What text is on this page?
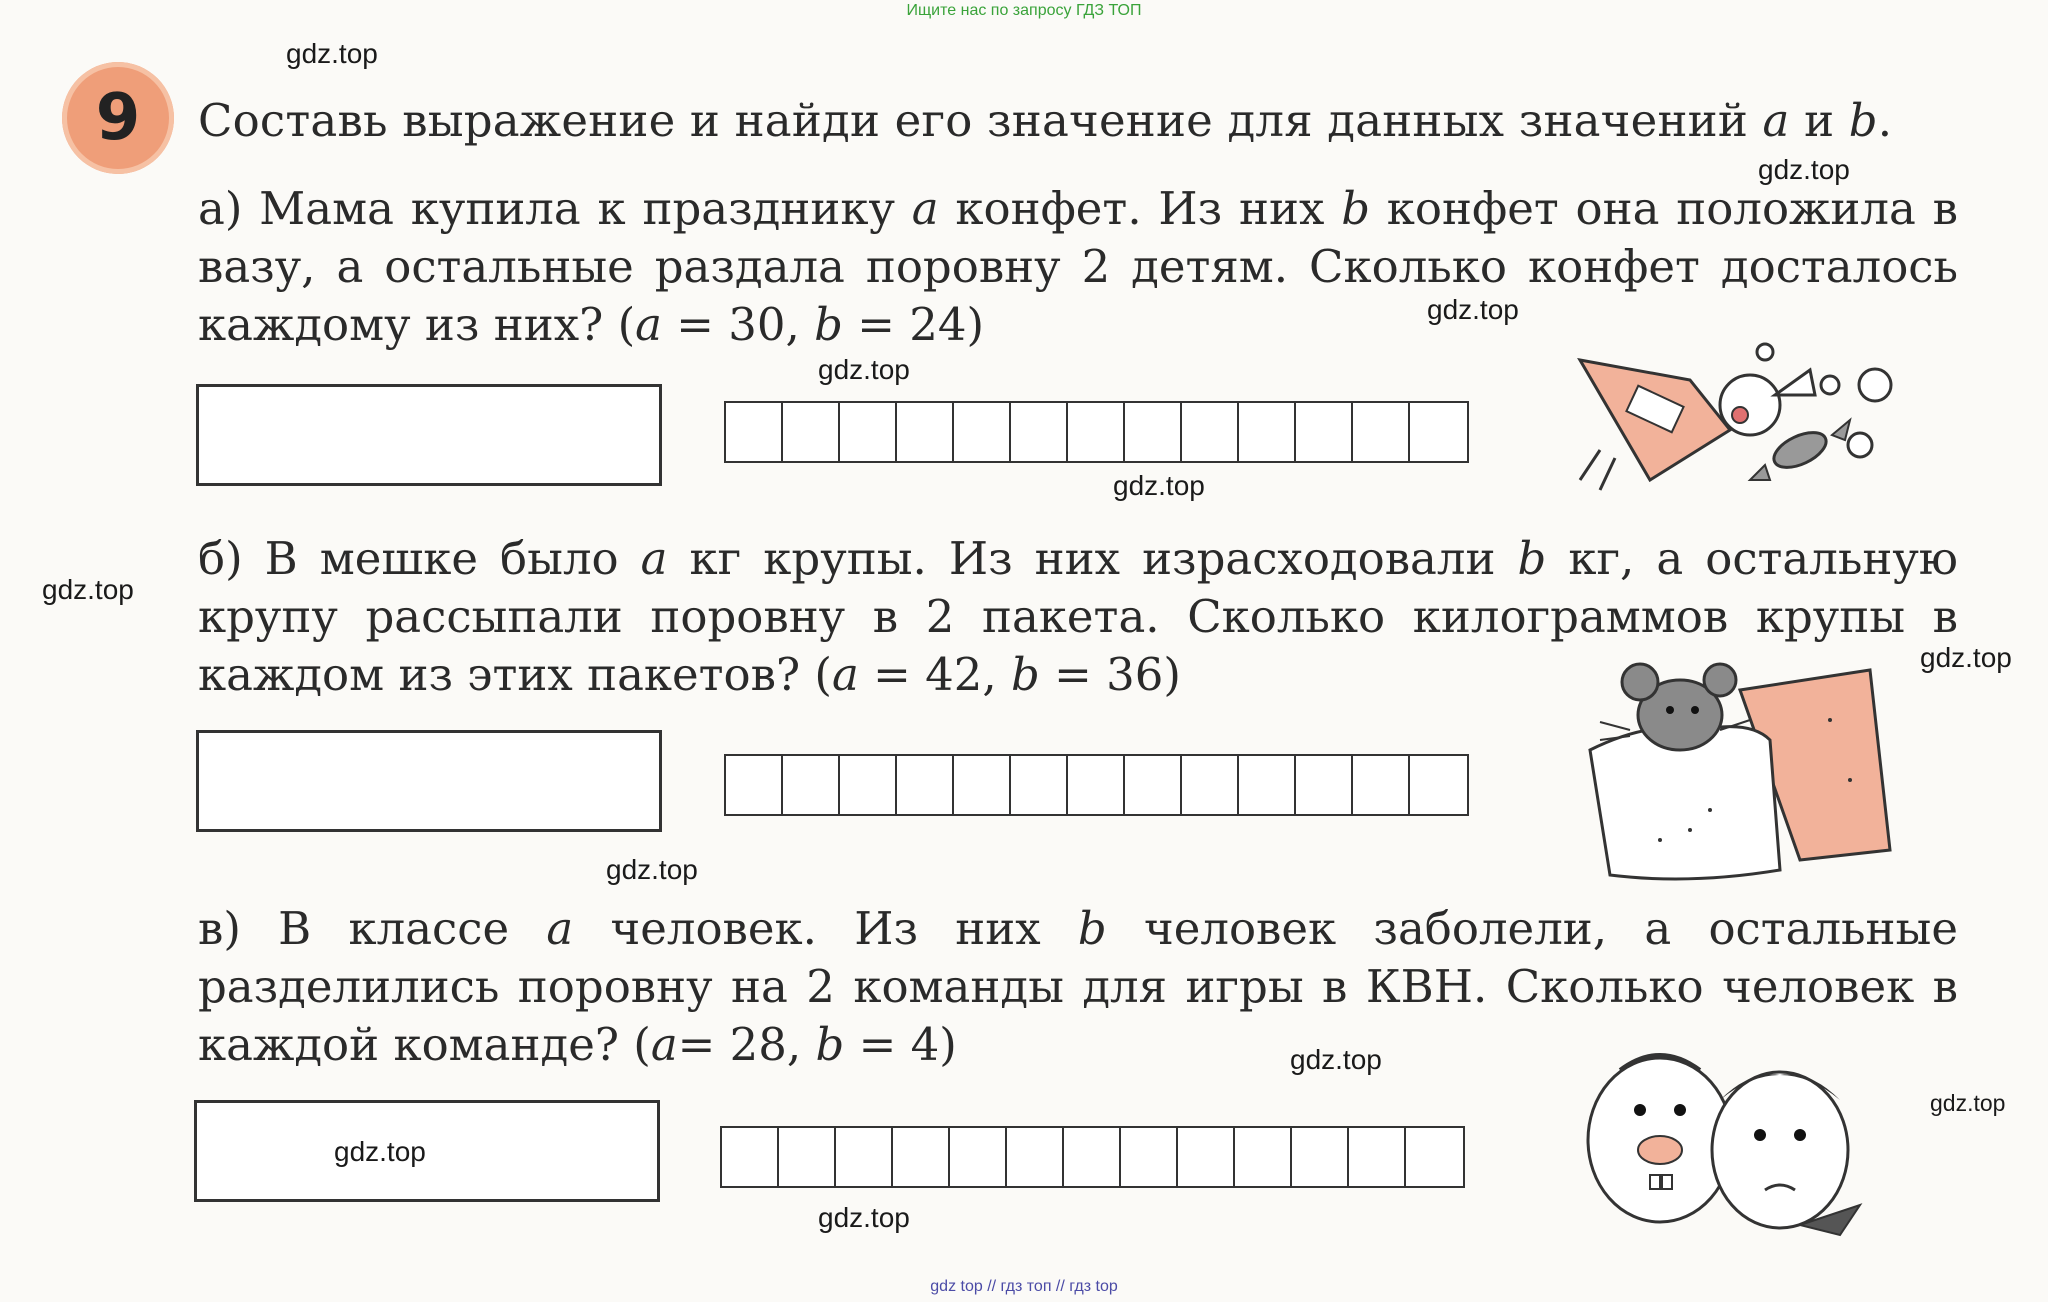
Ищите нас по запросу ГДЗ ТОП
9 Составь выражение и найди его значение для данных значений a и b.
а) Мама купила к празднику a конфет. Из них b конфет она положила в вазу, а остальные раздала поровну 2 детям. Сколько конфет досталось каждому из них? (a = 30, b = 24)
б) В мешке было a кг крупы. Из них израсходовали b кг, а остальную крупу рассыпали поровну в 2 пакета. Сколько килограммов крупы в каждом из этих пакетов? (a = 42, b = 36)
в) В классе a человек. Из них b человек заболели, а остальные разделились поровну на 2 команды для игры в КВН. Сколько человек в каждой команде? (a= 28, b = 4)
gdz.top
gdz.top
gdz.top
gdz.top
gdz.top
gdz.top
gdz.top
gdz.top
gdz.top
gdz.top
gdz.top
gdz.top
gdz top // гдз топ // гдз top
